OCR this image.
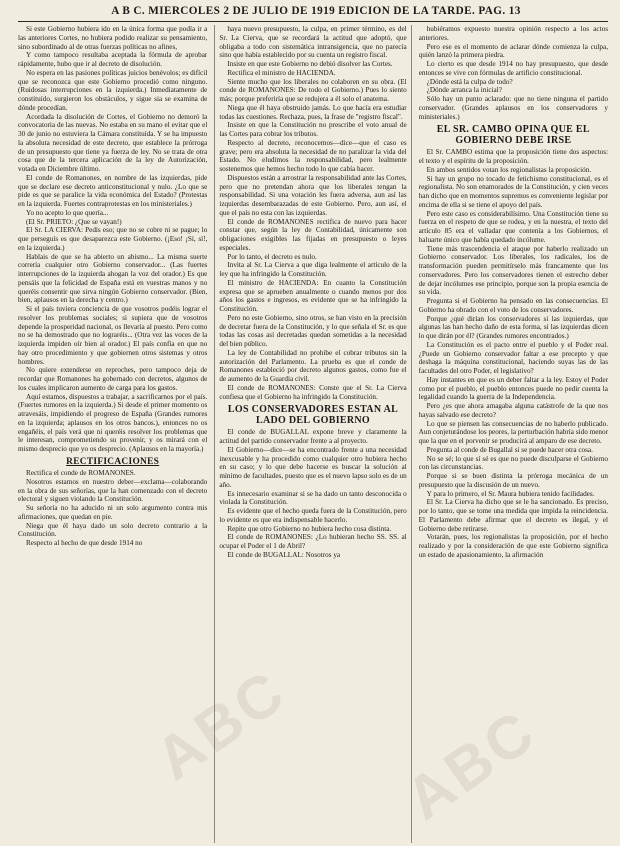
A B C. MIERCOLES 2 DE JULIO DE 1919 EDICION DE LA TARDE. PAG. 13

Si este Gobierno hubiera ido en la única forma que podía ir a las anteriores Cortes, no hubiera podido realizar su pensamiento, sino subordinado al de otras fuerzas políticas no afines,

Y como tampoco resultaba aceptada la fórmula de aprobar rápidamente, hubo que ir al decreto de disolución.

No espera en las pasiones políticas juicios benévolos; es difícil que se reconozca que este Gobierno procedió como ninguno. (Ruidosas interrupciones en la izquierda.) Inmediatamente de constituído, surgieron los obstáculos, y sigue sia se examina de dónde procedían.

Acordada la disolución de Cortes, el Gobierno no demoró la convocatoria de las nuevas. No estaba en su mano el evitar que el 30 de junio no estuviera la Cámara constituída. Y se ha impuesto la absoluta necesidad de este decreto, que establece la prórroga de un presupuesto que tiene ya fuerza de ley. No se trata de otra cosa que de la tercera aplicación de la ley de Autorización, votada en Diciembre último.

El conde de Romanones, en nombre de las izquierdas, pide que se declare ese decreto anticonstitucional y nulo. ¿Lo que se pide es que se paralice la vida económica del Estado? (Protestas en la izquierda. Fuertes contraprotestas en los ministeriales.)

Yo no acepto lo que quería...

(El Sr. PRIETO: ¿Que se vayan!)

El Sr. LA CIERVA: Pedís eso; que no se cobre ni se pague; lo que perseguís es que desaparezca este Gobierno. (¡Eso! ¡Sí, sí!, en la izquierda.)

Hablais de que se ha abierto un abismo... La misma suerte correría cualquier otro Gobierno conservador... (Las fuertes interrupciones de la izquierda ahogan la voz del orador.) Es que pensáis que la felicidad de España está en vuestras manos y no queréis consentir que sirva ningún Gobierno conservador. (Bien, bien, aplausos en la derecha y centro.)

Si el país tuviera conciencia de que vosotros podéis lograr el resolver los problemas sociales; si supiera que de vosotros depende la prosperidad nacional, os llevaría al puesto. Pero como no se ha demostrado que no lograréis... (Otra vez las voces de la izquierda impiden oír bien al orador.) El país confía en que no hay otro procedimiento y que gobiernen otros sistemas y otros hombres.

No quiere extenderse en reproches, pero tampoco deja de recordar que Romanones ha gobernado con decretos, algunos de los cuales implicaron aumento de carga para los gastos.

Aquí estamos, dispuestos a trabajar, a sacrificarnos por el país. (Fuertes rumores en la izquierda.) Si desde el primer momento os atravesáis, impidiendo el progreso de España (Grandes rumores en la izquierda; aplausos en los otros bancos.), entonces no os engañéis, el país verá que ni queréis resolver los problemas que le interesan, comprometiendo su provenir, y os mirará con el mismo desprecio que yo os desprecio. (Aplausos en la mayoría.)

RECTIFICACIONES

Rectifica el conde de ROMANONES.

Nosotros estamos en nuestro deber—exclama—colaborando en la obra de sus señorías, que la han comenzado con el decreto electoral y siguen violando la Constitución.

Su señoría no ha aducido ni un solo argumento contra mis afirmaciones, que quedan en pie.

Niega que él haya dado un solo decreto contrario a la Constitución.

Respecto al hecho de que desde 1914 no

haya nuevo presupuesto, la culpa, en primer término, es del Sr. La Cierva, que se recordará la actitud que adoptó, que obligaba a todo con sistemática intransigencia, que no parecía sino que había establecido por su cuenta un registro fiscal.

Insiste en que este Gobierno no debió disolver las Cortes.

Rectifica el ministro de HACIENDA.

Siente mucho que los liberales no colaboren en su obra. (El conde de ROMANONES: De todo el Gobierno.) Pues lo siento más; porque preferiría que se redujera a él solo el anatema.

Niega que él haya obstruido jamás. Lo que hacía era estudiar todas las cuestiones. Rechaza, pues, la frase de "registro fiscal".

Insiste en que la Constitución no prescribe el voto anual de las Cortes para cobrar los tributos.

Respecto al decreto, reconocemos—dice—que el caso es grave; pero era absoluta la necesidad de no paralizar la vida del Estado. No eludimos la responsabilidad, pero lealmente sostenemos que hemos hecho todo lo que cabía hacer.

Dispuestos están a arrostrar la responsabilidad ante las Cortes, pero que no pretendan ahora que los liberales tengan la responsabilidad. Si una votación les fuera adversa, aun así las izquierdas desembarazadas de este Gobierno. Pero, aun así, el que el país no esta con las izquierdas.

El conde de ROMANONES rectifica de nuevo para hacer constar que, según la ley de Contabilidad, únicamente son obligaciones exigibles las fijadas en presupuesto o leyes especiales.

Por lo tanto, el decreto es nulo.

Invita al Sr. La Cierva a que diga lealmente el artículo de la ley que ha infringido la Constitución.

El ministro de HACIENDA: En cuanto la Constitución expresa que se aprueben anualmente o cuando menos por dos años los gastos e ingresos, es evidente que se ha infringido la Constitución.

Pero no este Gobierno, sino otros, se han visto en la precisión de decretar fuera de la Constitución, y lo que señala el Sr. es que todas las cosas así decretadas quedan sometidas a la necesidad del bien público.

La ley de Contabilidad no prohibe el cobrar tributos sin la autorización del Parlamento. La prueba es que el conde de Romanones estableció por decreto algunos gastos, como fue el de aumento de la Guardia civil.

El conde de ROMANONES: Conste que el Sr. La Cierva confiesa que el Gobierno ha infringido la Constitución.

LOS CONSERVADORES ESTAN AL LADO DEL GOBIERNO

El conde de BUGALLAL expone breve y claramente la actitud del partido conservador frente a al proyecto.

El Gobierno—dice—se ha encontrado frente a una necesidad inexcusable y ha procedido como cualquier otro hubiera hecho en su caso; y lo que debe hacerse es buscar la solución al mínimo de facultades, puesto que es el nuevo lapso solo es de un año.

Es innecesario examinar si se ha dado un tanto desconocida o violada la Constitución.

Es evidente que el hecho queda fuera de la Constitución, pero lo evidente es que era indispensable hacerlo.

Repite que otro Gobierno no hubiera hecho cosa distinta.

El conde de ROMANONES: ¿Lo hubieran hecho SS. SS. al ocupar el Poder el 1 de Abril?

El conde de BUGALLAL: Nosotros ya

hubiéramos expuesto nuestra opinión respecto a los actos anteriores.

Pero ese es el momento de aclarar dónde comienza la culpa, quién lanzó la primera piedra.

Lo cierto es que desde 1914 no hay presupuesto, que desde entonces se vive con fórmulas de artificio constitucional.

¿Dónde está la culpa de todo?

¿Dónde arranca la inicial?

Sólo hay un punto aclarado: que no tiene ninguna el partido conservador. (Grandes aplausos en los conservadores y ministeriales.)

EL SR. CAMBO OPINA QUE EL GOBIERNO DEBE IRSE

El Sr. CAMBO estima que la proposición tiene dos aspectos: el texto y el espíritu de la proposición.

En ambos sentidos votan los regionalistas la proposición.

Si hay un grupo no tocado de fetichismo constitucional, es el regionalista. No son enamorados de la Constitución, y cien veces han dicho que en momentos supremos es conveniente legislar por encima de ella si se tiene el apoyo del país.

Pero este caso es considerabilísimo. Una Constitución tiene su fuerza en el respeto de que se rodea, y en la nuestra, el texto del artículo 85 era el valladar que contenía a los Gobiernos, el baluarte único que había quedado incólume.

Tiene más trascendencia el ataque por haberlo realizado un Gobierno conservador. Los liberales, los radicales, los de transformación pueden permitírselo más francamente que los conservadores. Pero los conservadores tienen el estrecho deber de dejar incólumes ese principio, porque son la propia esencia de su vida.

Pregunta si el Gobierno ha pensado en las consecuencias. El Gobierno ha obrado con el voto de los conservadores.

Porque ¿qué dirían los conservadores si las izquierdas, que algunas las han hecho daño de esta forma, si las izquierdas dicen lo que dirán por él? (Grandes rumores encontrados.)

La Constitución es el pacto entre el pueblo y el Poder real. ¿Puede un Gobierno conservador faltar a ese precepto y que deshaga la máquina constitucional, haciendo suyas las de las facultades del otro Poder, el legislativo?

Hay instantes en que es un deber faltar a la ley. Estoy el Poder como por el pueblo, el pueblo entonces puede no pedir cuenta la legalidad cuando la guerra de la Independencia.

Pero ¿es que ahora amagaba alguna catástrofe de la que nos hayas salvado ese decreto?

Lo que se piensen las consecuencias de no haberlo publicado. Aun conjeturándose los peores, la perturbación habría sido menor que la que en el porvenir se producirá al amparo de ese decreto.

Pregunta al conde de Bugallal si se puede hacer otra cosa.

No se sé; lo que sí sé es que no puede disculparse el Gobierno con las circunstancias.

Porque si se buen distinta la prórroga mecánica de un presupuesto que la discusión de un nuevo.

Y para lo primero, el Sr. Maura hubiera tenido facilidades.

El Sr. La Cierva ha dicho que se le ha sancionado. Es preciso, por lo tanto, que se tome una medida que impida la reincidencia. El Parlamento debe afirmar que el decreto es ilegal, y el Gobierno debe retirarse.

Votarán, pues, los regionalistas la proposición, por el hecho realizado y por la consideración de que este Gobierno significa un estado de apasionamiento, la afirmación

ABC ABC
